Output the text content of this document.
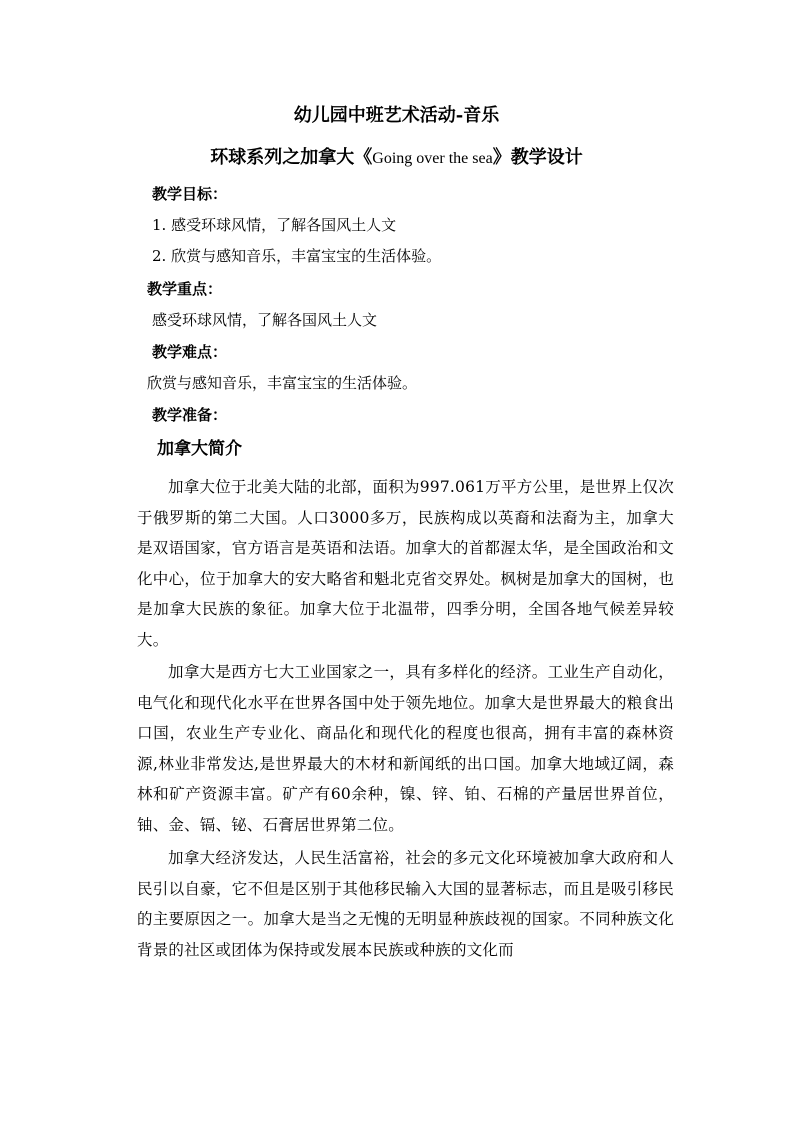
幼儿园中班艺术活动-音乐
环球系列之加拿大《Going over the sea》教学设计

教学目标：

1. 感受环球风情，了解各国风土人文

2. 欣赏与感知音乐，丰富宝宝的生活体验。

教学重点：

感受环球风情，了解各国风土人文

教学难点：

欣赏与感知音乐，丰富宝宝的生活体验。

教学准备：

加拿大简介

加拿大位于北美大陆的北部，面积为997.061万平方公里，是世界上仅次于俄罗斯的第二大国。人口3000多万，民族构成以英裔和法裔为主，加拿大是双语国家，官方语言是英语和法语。加拿大的首都渥太华，是全国政治和文化中心，位于加拿大的安大略省和魁北克省交界处。枫树是加拿大的国树，也是加拿大民族的象征。加拿大位于北温带，四季分明，全国各地气候差异较大。

加拿大是西方七大工业国家之一，具有多样化的经济。工业生产自动化，电气化和现代化水平在世界各国中处于领先地位。加拿大是世界最大的粮食出口国，农业生产专业化、商品化和现代化的程度也很高，拥有丰富的森林资源,林业非常发达,是世界最大的木材和新闻纸的出口国。加拿大地域辽阔，森林和矿产资源丰富。矿产有60余种，镍、锌、铂、石棉的产量居世界首位，铀、金、镉、铋、石膏居世界第二位。

加拿大经济发达，人民生活富裕，社会的多元文化环境被加拿大政府和人民引以自豪，它不但是区别于其他移民输入大国的显著标志，而且是吸引移民的主要原因之一。加拿大是当之无愧的无明显种族歧视的国家。不同种族文化背景的社区或团体为保持或发展本民族或种族的文化而
